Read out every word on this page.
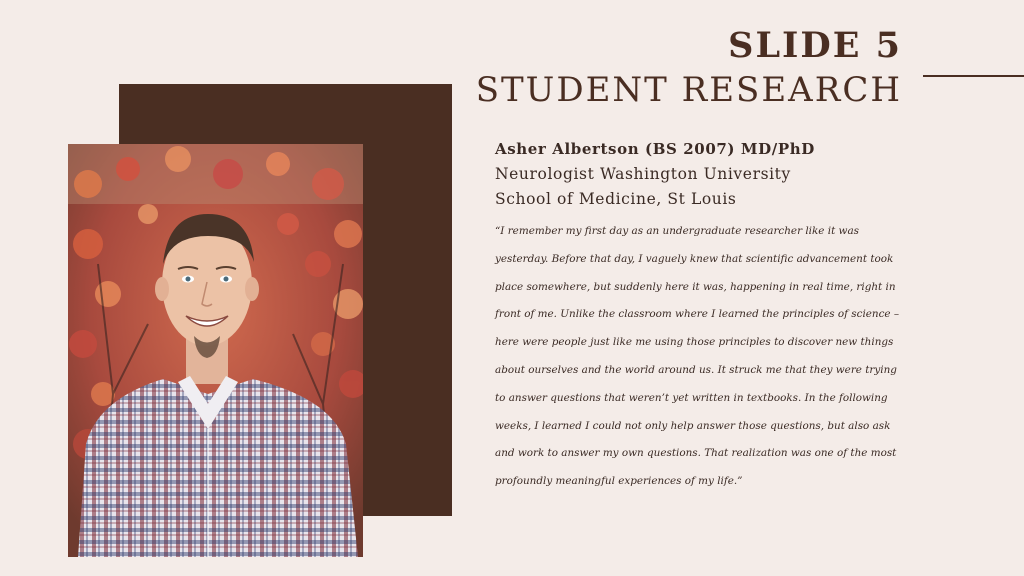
SLIDE 5
STUDENT RESEARCH
Asher Albertson (BS 2007) MD/PhD
Neurologist Washington University
School of Medicine, St Louis
“I remember my first day as an undergraduate researcher like it was yesterday. Before that day, I vaguely knew that scientific advancement took place somewhere, but suddenly here it was, happening in real time, right in front of me. Unlike the classroom where I learned the principles of science – here were people just like me using those principles to discover new things about ourselves and the world around us. It struck me that they were trying to answer questions that weren’t yet written in textbooks. In the following weeks, I learned I could not only help answer those questions, but also ask and work to answer my own questions. That realization was one of the most profoundly meaningful experiences of my life.”
